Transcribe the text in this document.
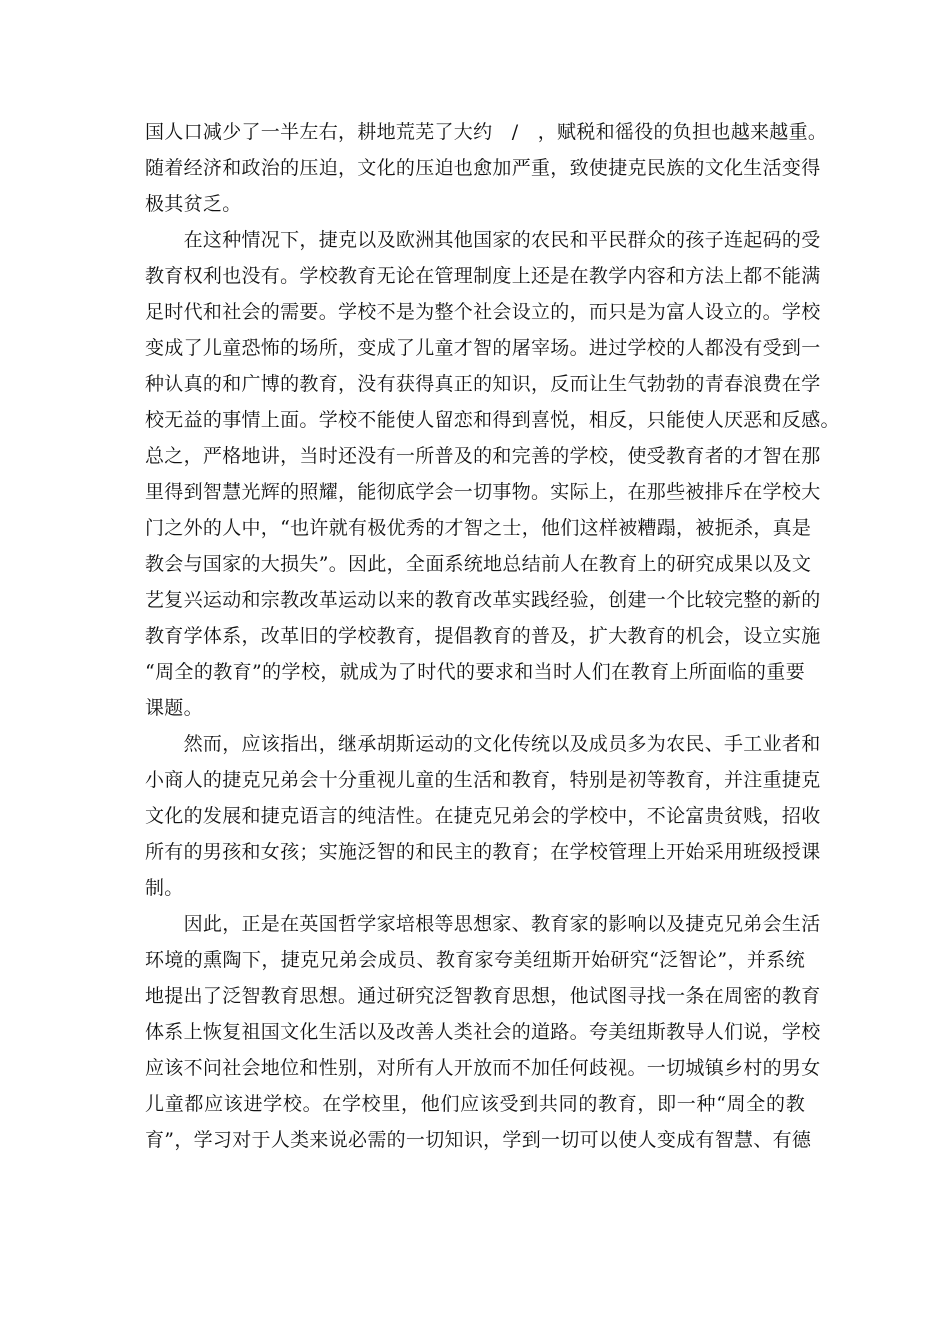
国人口减少了一半左右，耕地荒芜了大约　/　，赋税和徭役的负担也越来越重。
随着经济和政治的压迫，文化的压迫也愈加严重，致使捷克民族的文化生活变得
极其贫乏。
　　在这种情况下，捷克以及欧洲其他国家的农民和平民群众的孩子连起码的受
教育权利也没有。学校教育无论在管理制度上还是在教学内容和方法上都不能满
足时代和社会的需要。学校不是为整个社会设立的，而只是为富人设立的。学校
变成了儿童恐怖的场所，变成了儿童才智的屠宰场。进过学校的人都没有受到一
种认真的和广博的教育，没有获得真正的知识，反而让生气勃勃的青春浪费在学
校无益的事情上面。学校不能使人留恋和得到喜悦，相反，只能使人厌恶和反感。
总之，严格地讲，当时还没有一所普及的和完善的学校，使受教育者的才智在那
里得到智慧光辉的照耀，能彻底学会一切事物。实际上，在那些被排斥在学校大
门之外的人中，“也许就有极优秀的才智之士，他们这样被糟蹋，被扼杀，真是
教会与国家的大损失”。因此，全面系统地总结前人在教育上的研究成果以及文
艺复兴运动和宗教改革运动以来的教育改革实践经验，创建一个比较完整的新的
教育学体系，改革旧的学校教育，提倡教育的普及，扩大教育的机会，设立实施
“周全的教育”的学校，就成为了时代的要求和当时人们在教育上所面临的重要
课题。
　　然而，应该指出，继承胡斯运动的文化传统以及成员多为农民、手工业者和
小商人的捷克兄弟会十分重视儿童的生活和教育，特别是初等教育，并注重捷克
文化的发展和捷克语言的纯洁性。在捷克兄弟会的学校中，不论富贵贫贱，招收
所有的男孩和女孩；实施泛智的和民主的教育；在学校管理上开始采用班级授课
制。
　　因此，正是在英国哲学家培根等思想家、教育家的影响以及捷克兄弟会生活
环境的熏陶下，捷克兄弟会成员、教育家夸美纽斯开始研究“泛智论”，并系统
地提出了泛智教育思想。通过研究泛智教育思想，他试图寻找一条在周密的教育
体系上恢复祖国文化生活以及改善人类社会的道路。夸美纽斯教导人们说，学校
应该不问社会地位和性别，对所有人开放而不加任何歧视。一切城镇乡村的男女
儿童都应该进学校。在学校里，他们应该受到共同的教育，即一种“周全的教
育”，学习对于人类来说必需的一切知识，学到一切可以使人变成有智慧、有德
